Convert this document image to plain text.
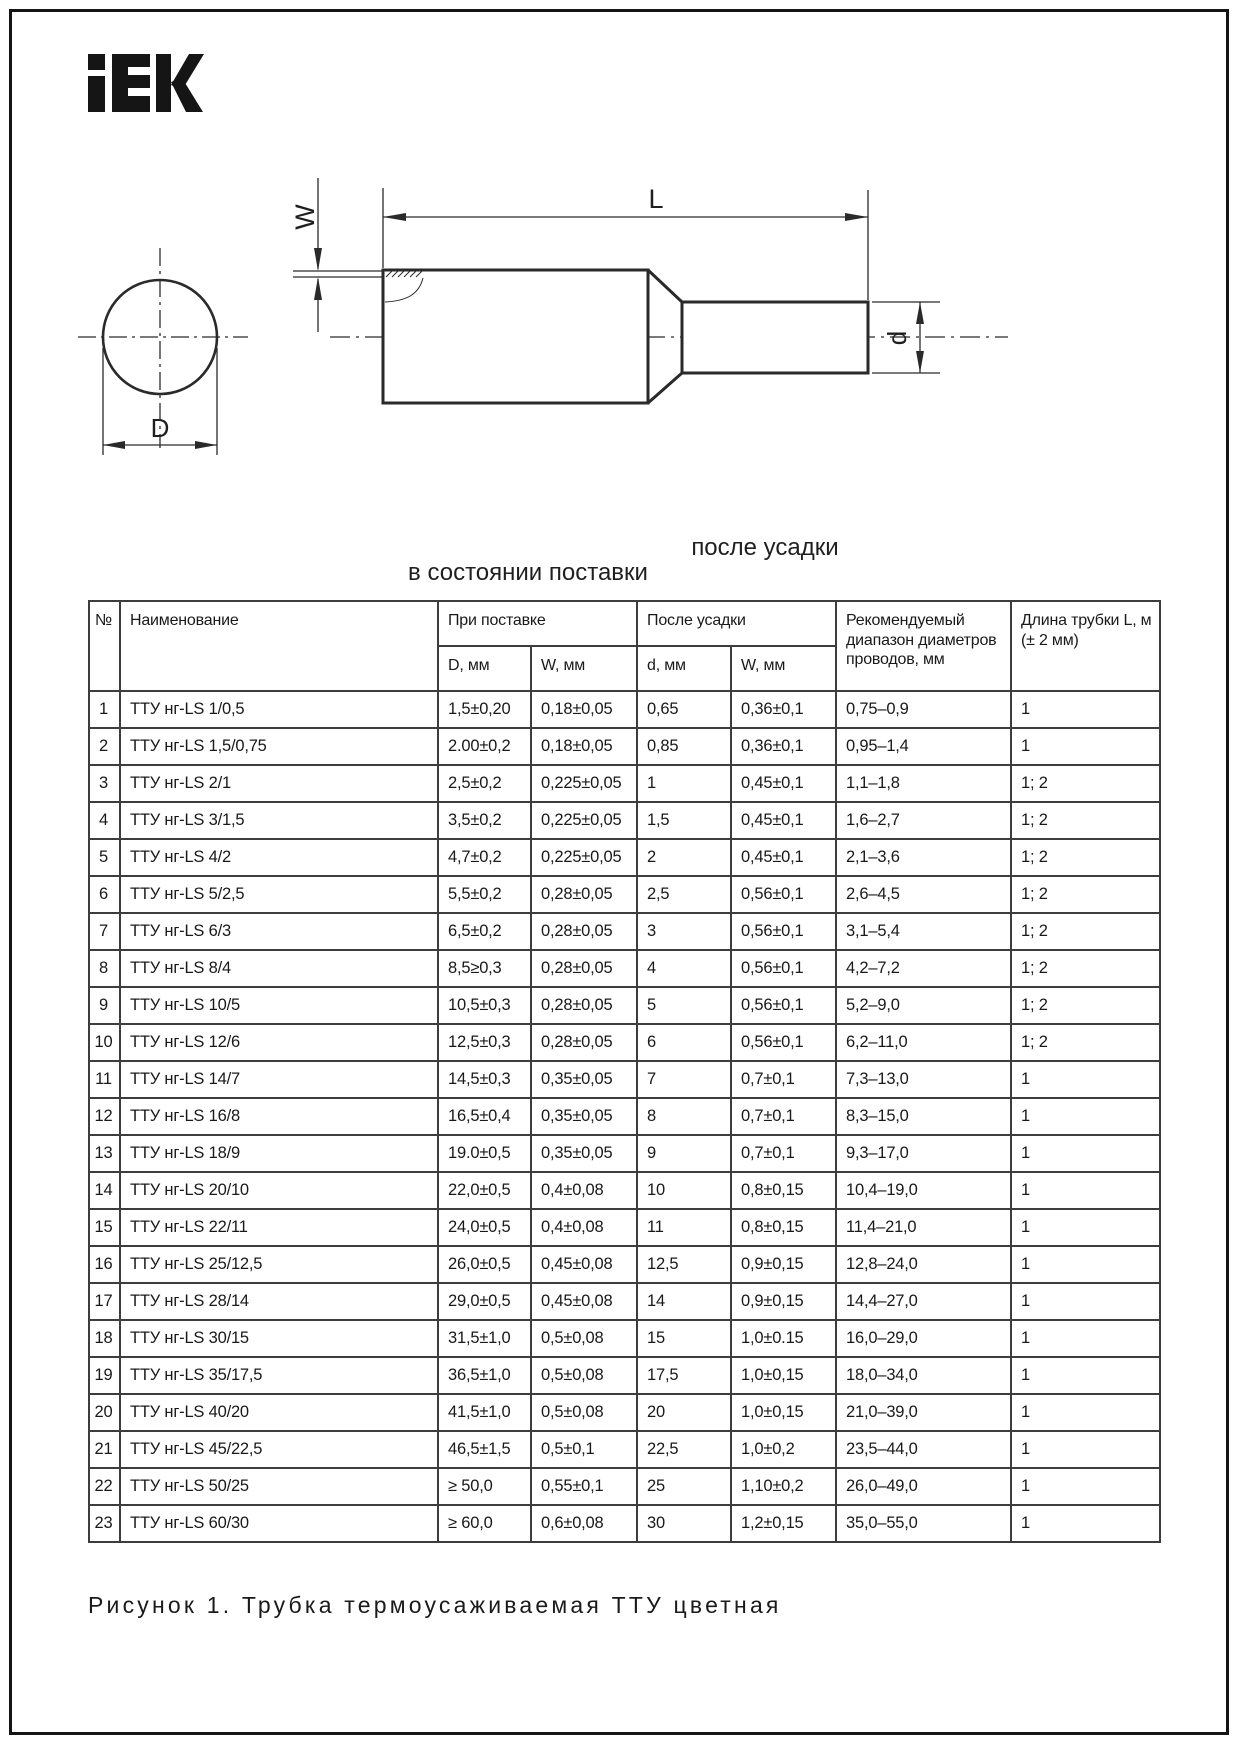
W
L
D
d
в состоянии поставки
после усадки
№	Наименование	При поставке		После усадки		Рекомендуемый диапазон диаметров проводов, мм	Длина трубки L, м (± 2 мм)
		D, мм	W, мм	d, мм	W, мм		
1	ТТУ нг-LS 1/0,5	1,5±0,20	0,18±0,05	0,65	0,36±0,1	0,75–0,9	1
2	ТТУ нг-LS 1,5/0,75	2.00±0,2	0,18±0,05	0,85	0,36±0,1	0,95–1,4	1
3	ТТУ нг-LS 2/1	2,5±0,2	0,225±0,05	1	0,45±0,1	1,1–1,8	1; 2
4	ТТУ нг-LS 3/1,5	3,5±0,2	0,225±0,05	1,5	0,45±0,1	1,6–2,7	1; 2
5	ТТУ нг-LS 4/2	4,7±0,2	0,225±0,05	2	0,45±0,1	2,1–3,6	1; 2
6	ТТУ нг-LS 5/2,5	5,5±0,2	0,28±0,05	2,5	0,56±0,1	2,6–4,5	1; 2
7	ТТУ нг-LS 6/3	6,5±0,2	0,28±0,05	3	0,56±0,1	3,1–5,4	1; 2
8	ТТУ нг-LS 8/4	8,5≥0,3	0,28±0,05	4	0,56±0,1	4,2–7,2	1; 2
9	ТТУ нг-LS 10/5	10,5±0,3	0,28±0,05	5	0,56±0,1	5,2–9,0	1; 2
10	ТТУ нг-LS 12/6	12,5±0,3	0,28±0,05	6	0,56±0,1	6,2–11,0	1; 2
11	ТТУ нг-LS 14/7	14,5±0,3	0,35±0,05	7	0,7±0,1	7,3–13,0	1
12	ТТУ нг-LS 16/8	16,5±0,4	0,35±0,05	8	0,7±0,1	8,3–15,0	1
13	ТТУ нг-LS 18/9	19.0±0,5	0,35±0,05	9	0,7±0,1	9,3–17,0	1
14	ТТУ нг-LS 20/10	22,0±0,5	0,4±0,08	10	0,8±0,15	10,4–19,0	1
15	ТТУ нг-LS 22/11	24,0±0,5	0,4±0,08	11	0,8±0,15	11,4–21,0	1
16	ТТУ нг-LS 25/12,5	26,0±0,5	0,45±0,08	12,5	0,9±0,15	12,8–24,0	1
17	ТТУ нг-LS 28/14	29,0±0,5	0,45±0,08	14	0,9±0,15	14,4–27,0	1
18	ТТУ нг-LS 30/15	31,5±1,0	0,5±0,08	15	1,0±0.15	16,0–29,0	1
19	ТТУ нг-LS 35/17,5	36,5±1,0	0,5±0,08	17,5	1,0±0,15	18,0–34,0	1
20	ТТУ нг-LS 40/20	41,5±1,0	0,5±0,08	20	1,0±0,15	21,0–39,0	1
21	ТТУ нг-LS 45/22,5	46,5±1,5	0,5±0,1	22,5	1,0±0,2	23,5–44,0	1
22	ТТУ нг-LS 50/25	≥ 50,0	0,55±0,1	25	1,10±0,2	26,0–49,0	1
23	ТТУ нг-LS 60/30	≥ 60,0	0,6±0,08	30	1,2±0,15	35,0–55,0	1
Рисунок 1. Трубка термоусаживаемая ТТУ цветная
